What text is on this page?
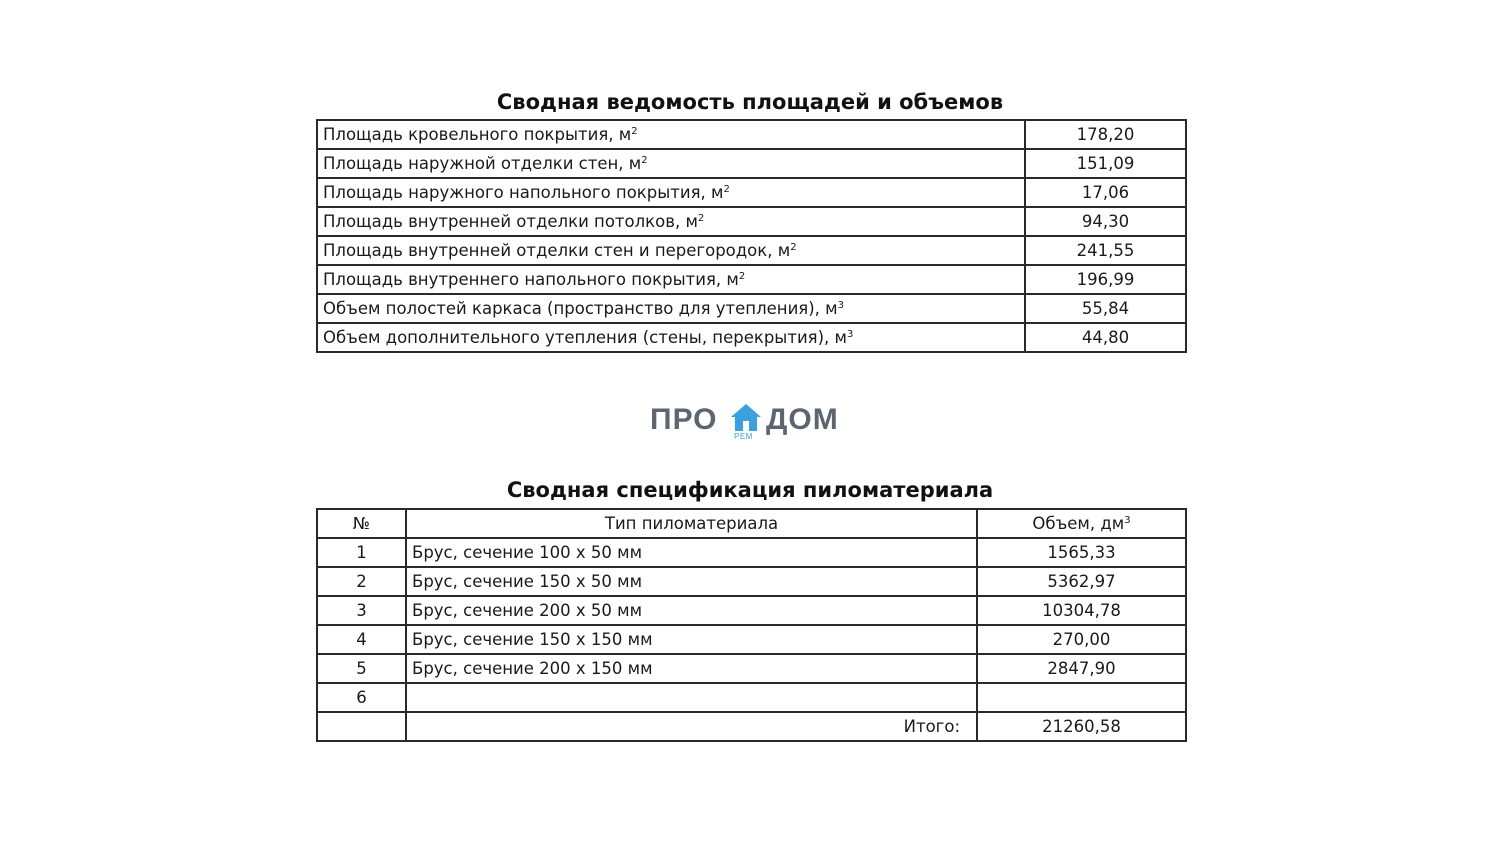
Сводная ведомость площадей и объемов
Площадь кровельного покрытия, $м^2$	178,20
Площадь наружной отделки стен, $м^2$	151,09
Площадь наружного напольного покрытия, $м^2$	17,06
Площадь внутренней отделки потолков, $м^2$	94,30
Площадь внутренней отделки стен и перегородок, $м^2$	241,55
Площадь внутреннего напольного покрытия, $м^2$	196,99
Объем полостей каркаса (пространство для утепления), $м^3$	55,84
Объем дополнительного утепления (стены, перекрытия), $м^3$	44,80
ПРО
РЕМ
ДОМ
Сводная спецификация пиломатериала
№	Тип пиломатериала	Объем, $дм^3$
1	Брус, сечение 100 х 50 мм	1565,33
2	Брус, сечение 150 х 50 мм	5362,97
3	Брус, сечение 200 х 50 мм	10304,78
4	Брус, сечение 150 х 150 мм	270,00
5	Брус, сечение 200 х 150 мм	2847,90
6		
	Итого:	21260,58
